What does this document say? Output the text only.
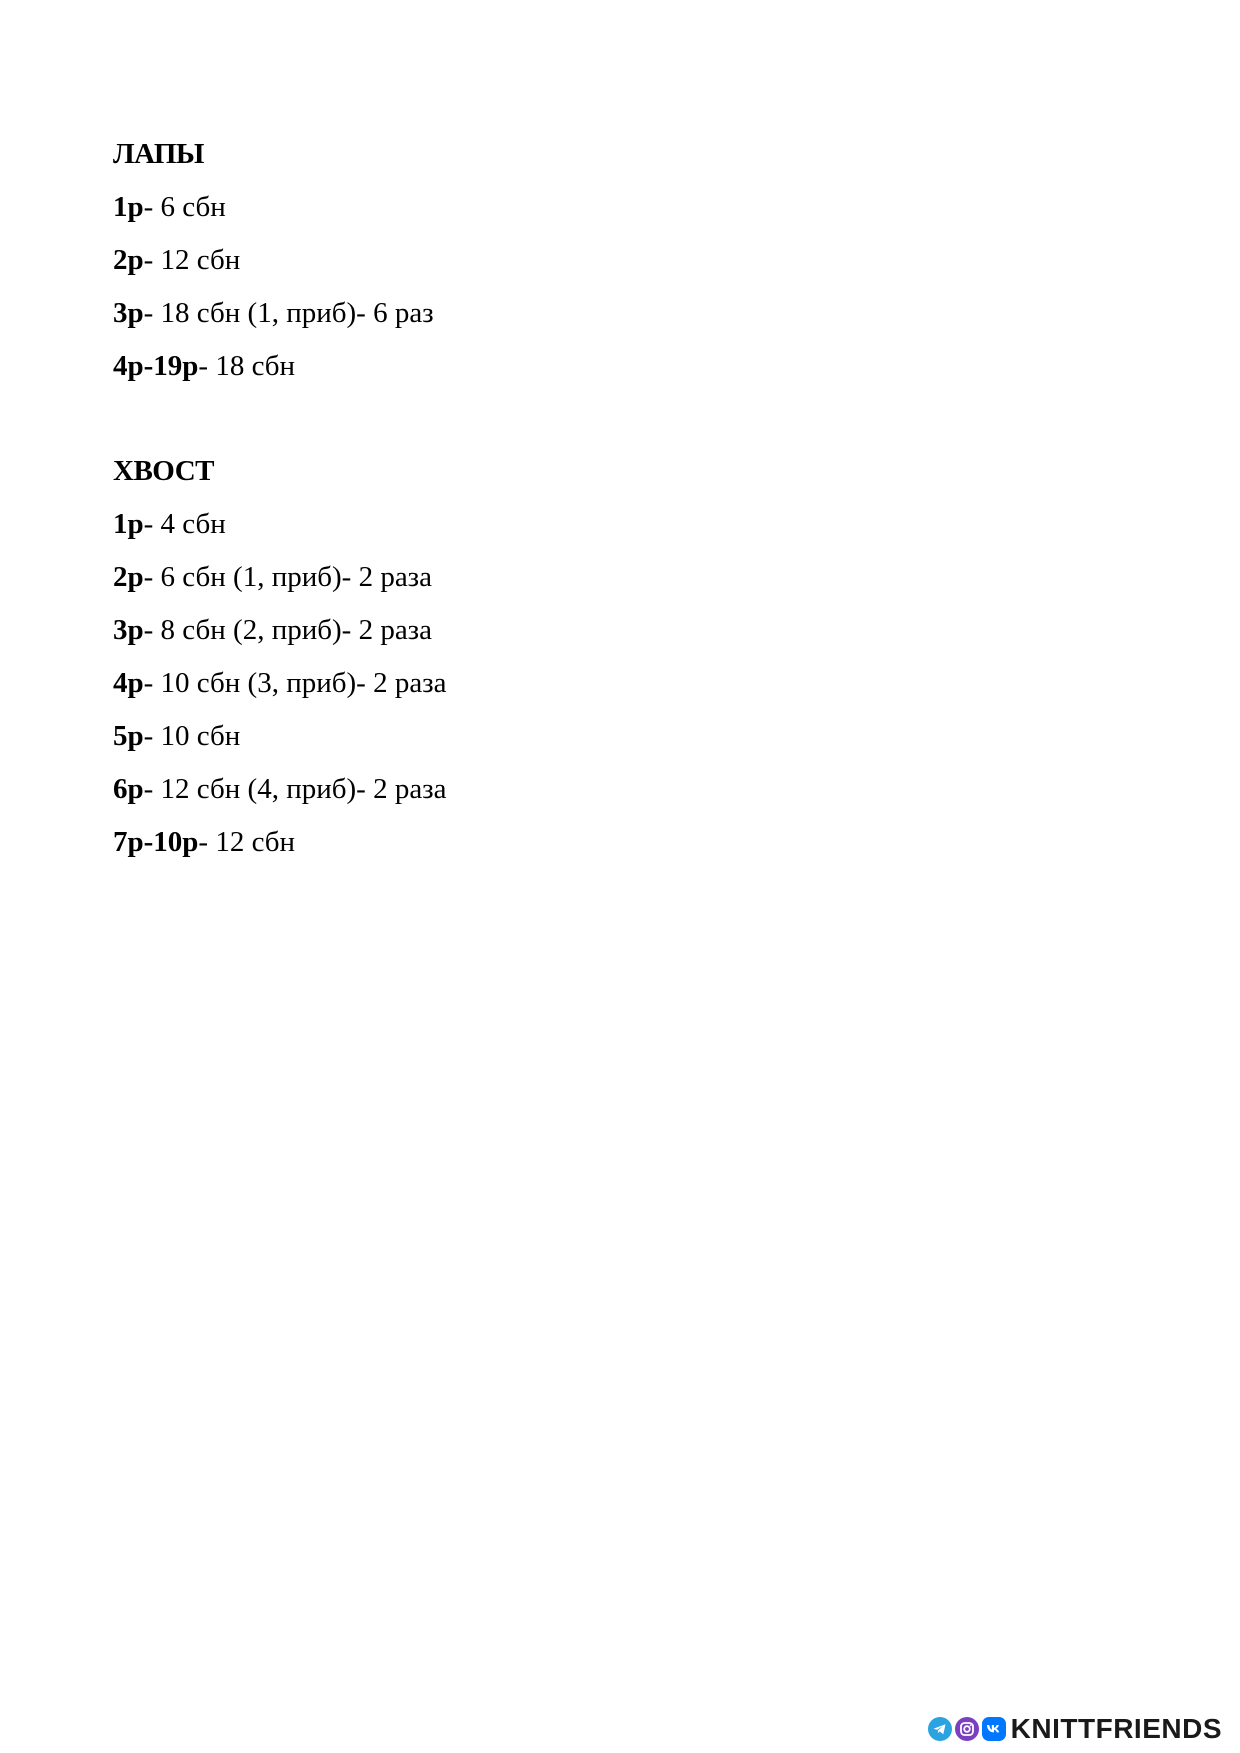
ЛАПЫ
1р- 6 сбн
2р- 12 сбн
3р- 18 сбн (1, приб)- 6 раз
4р-19р- 18 сбн
ХВОСТ
1р- 4 сбн
2р- 6 сбн (1, приб)- 2 раза
3р- 8 сбн (2, приб)- 2 раза
4р- 10 сбн (3, приб)- 2 раза
5р- 10 сбн
6р- 12 сбн (4, приб)- 2 раза
7р-10р- 12 сбн
KNITTFRIENDS
